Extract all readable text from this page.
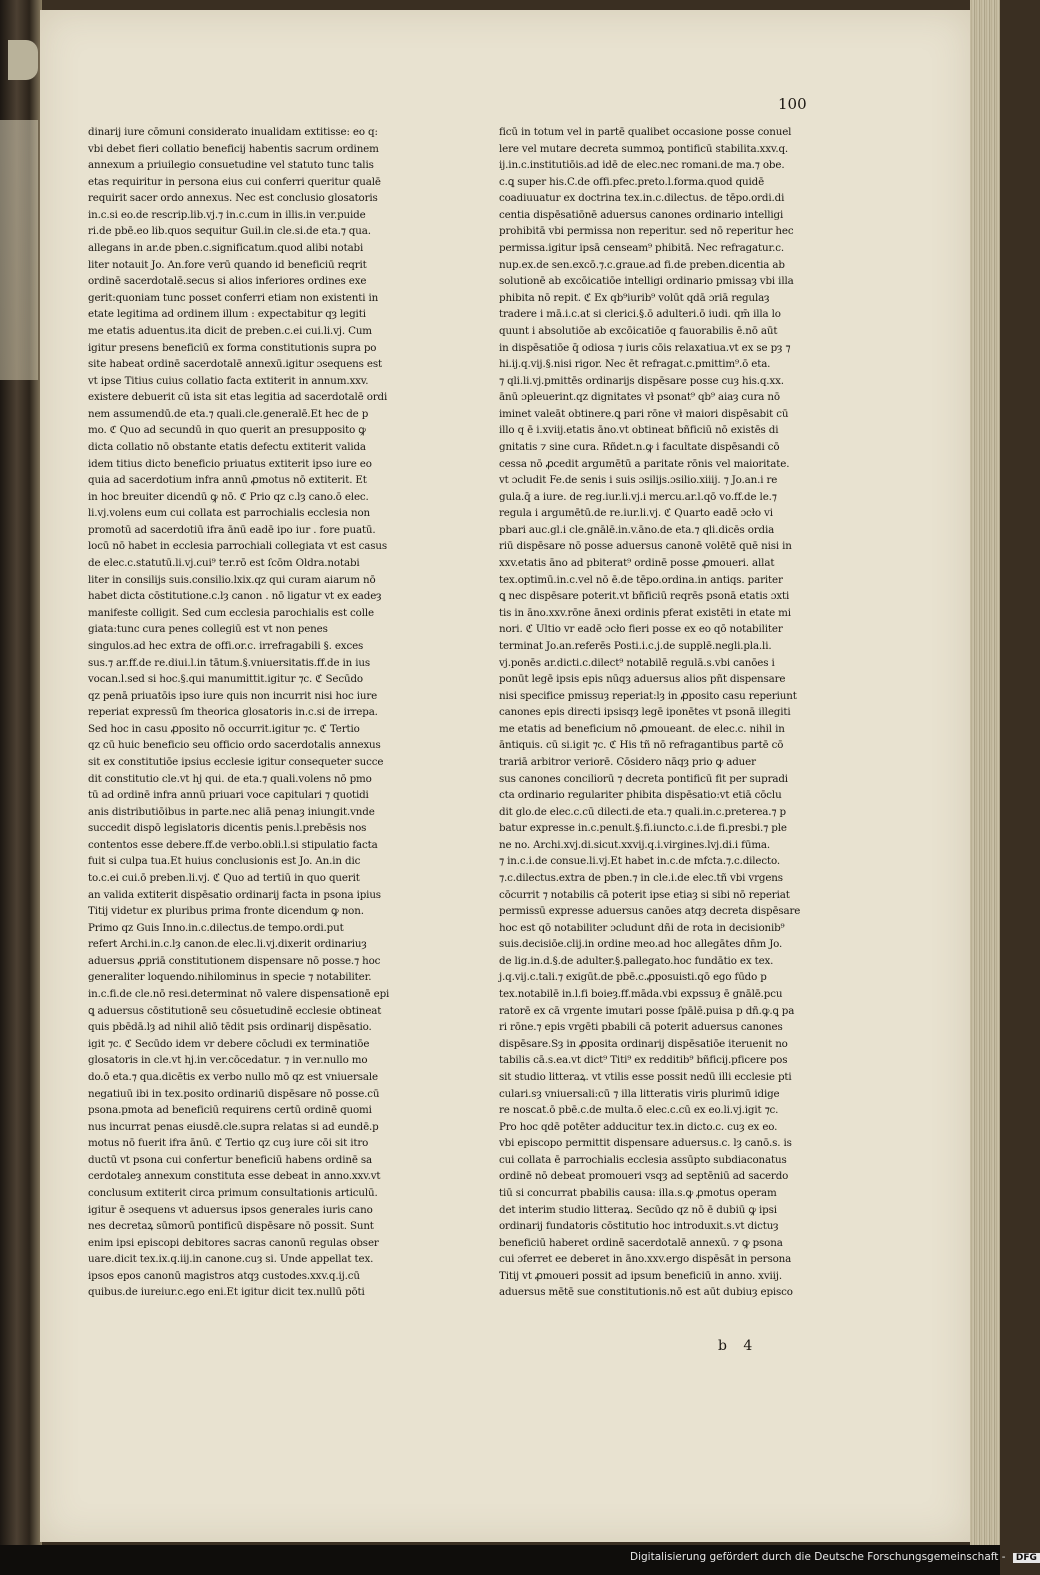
100
dinarij iure cōmuni considerato inualidam extitisse: eo q:
vbi debet fieri collatio beneficij habentis sacrum ordinem
annexum a priuilegio consuetudine vel statuto tunc talis
etas requiritur in persona eius cui conferri queritur qualē
requirit sacer ordo annexus. Nec est conclusio glosatoris
in.c.si eo.de rescrip.lib.vj.⁊ in.c.cum in illis.in ver.puide
ri.de pbē.eo lib.quos sequitur Guil.in cle.si.de eta.⁊ qua.
allegans in ar.de pben.c.significatum.quod alibi notabi
liter notauit Jo. An.fore verū quando id beneficiū reqrit
ordinē sacerdotalē.secus si alios inferiores ordines exe
gerit:quoniam tunc posset conferri etiam non existenti in
etate legitima ad ordinem illum : expectabitur qȝ legiti
me etatis aduentus.ita dicit de preben.c.ei cui.li.vj. Cum
igitur presens beneficiū ex forma constitutionis supra po
site habeat ordinē sacerdotalē annexū.igitur ɔsequens est
vt ipse Titius cuius collatio facta extiterit in annum.xxv.
existere debuerit cū ista sit etas legitia ad sacerdotalē ordi
nem assumendū.de eta.⁊ quali.cle.generalē.Et hec de p
mo. ℭ Quo ad secundū in quo querit an presupposito ꝙ
dicta collatio nō obstante etatis defectu extiterit valida
idem titius dicto beneficio priuatus extiterit ipso iure eo
quia ad sacerdotium infra annū ꝓmotus nō extiterit. Et
in hoc breuiter dicendū ꝙ nō. ℭ Prio qz c.lȝ cano.ō elec.
li.vj.volens eum cui collata est parrochialis ecclesia non
promotū ad sacerdotiū ifra ānū eadē ipo iur . fore puatū.
locū nō habet in ecclesia parrochiali collegiata vt est casus
de elec.c.statutū.li.vj.cui⁹ ter.rō est ſcōm Oldra.notabi
liter in consilijs suis.consilio.lxix.qz qui curam aiarum nō
habet dicta cōstitutione.c.lȝ canon . nō ligatur vt ex eadeȝ
manifeste colligit. Sed cum ecclesia parochialis est colle
giata:tunc cura penes collegiū est vt non penes
singulos.ad hec extra de offi.or.c. irrefragabili §. exces
sus.⁊ ar.ff.de re.diui.l.in tātum.§.vniuersitatis.ff.de in ius
vocan.l.sed si hoc.§.qui manumittit.igitur ⁊c. ℭ Secūdo
qz penā priuatōis ipso iure quis non incurrit nisi hoc iure
reperiat expressū ſm theorica glosatoris in.c.si de irrepa.
Sed hoc in casu ꝓposito nō occurrit.igitur ⁊c. ℭ Tertio
qz cū huic beneficio seu officio ordo sacerdotalis annexus
sit ex constitutiōe ipsius ecclesie igitur consequeter succe
dit constitutio cle.vt hj qui. de eta.⁊ quali.volens nō pmo
tū ad ordinē infra annū priuari voce capitulari ⁊ quotidi
anis distributiōibus in parte.nec aliā penaȝ iniungit.vnde
succedit dispō legislatoris dicentis penis.l.prebēsis nos
contentos esse debere.ff.de verbo.obli.l.si stipulatio facta
fuit si culpa tua.Et huius conclusionis est Jo. An.in dic
to.c.ei cui.ō preben.li.vj. ℭ Quo ad tertiū in quo querit
an valida extiterit dispēsatio ordinarij facta in psona ipius
Titij videtur ex pluribus prima fronte dicendum ꝙ non.
Primo qz Guis Inno.in.c.dilectus.de tempo.ordi.put
refert Archi.in.c.lȝ canon.de elec.li.vj.dixerit ordinariuȝ
aduersus ꝓpriā constitutionem dispensare nō posse.⁊ hoc
generaliter loquendo.nihilominus in specie ⁊ notabiliter.
in.c.fi.de cle.nō resi.determinat nō valere dispensationē epi
ꝗ aduersus cōstitutionē seu cōsuetudinē ecclesie obtineat
quis pbēdā.lȝ ad nihil aliō tēdit psis ordinarij dispēsatio.
igit ⁊c. ℭ Secūdo idem vr debere cōcludi ex terminatiōe
glosatoris in cle.vt hj.in ver.cōcedatur. ⁊ in ver.nullo mo
do.ō eta.⁊ qua.dicētis ex verbo nullo mō qz est vniuersale
negatiuū ibi in tex.posito ordinariū dispēsare nō posse.cū
psona.pmota ad beneficiū requirens certū ordinē quomi
nus incurrat penas eiusdē.cle.supra relatas si ad eundē.p
motus nō fuerit ifra ānū. ℭ Tertio qz cuȝ iure cōi sit itro
ductū vt psona cui confertur beneficiū habens ordinē sa
cerdotaleȝ annexum constituta esse debeat in anno.xxv.vt
conclusum extiterit circa primum consultationis articulū.
igitur ē ɔsequens vt aduersus ipsos generales iuris cano
nes decretaꝝ sūmorū pontificū dispēsare nō possit. Sunt
enim ipsi episcopi debitores sacras canonū regulas obser
uare.dicit tex.ix.q.iij.in canone.cuȝ si. Unde appellat tex.
ipsos epos canonū magistros atqȝ custodes.xxv.q.ij.cū
quibus.de iureiur.c.ego eni.Et igitur dicit tex.nullū pōti
ficū in totum vel in partē qualibet occasione posse conuel
lere vel mutare decreta summoꝝ pontificū stabilita.xxv.q.
ij.in.c.institutiōis.ad idē de elec.nec romani.de ma.⁊ obe.
c.ꝗ super his.C.de offi.pfec.preto.l.forma.quod quidē
coadiuuatur ex doctrina tex.in.c.dilectus. de tēpo.ordi.di
centia dispēsatiōnē aduersus canones ordinario intelligi
prohibitā vbi permissa non reperitur. sed nō reperitur hec
permissa.igitur ipsā censeam⁹ phibitā. Nec refragatur.c.
nup.ex.de sen.excō.⁊.c.graue.ad fi.de preben.dicentia ab
solutionē ab excōicatiōe intelligi ordinario pmissaȝ vbi illa
phibita nō repit. ℭ Ex qb⁹iurib⁹ volūt qdā ɔriā regulaȝ
tradere i mā.i.c.at si clerici.§.ō adulteri.ō iudi. qm̄ illa lo
quunt i absolutiōe ab excōicatiōe q fauorabilis ē.nō aūt
in dispēsatiōe q̄ odiosa ⁊ iuris cōis relaxatiua.vt ex se pȝ ⁊
hi.ij.q.vij.§.nisi rigor. Nec ēt refragat.c.pmittim⁹.ō eta.
⁊ qli.li.vj.pmittēs ordinarijs dispēsare posse cuȝ his.q.xx.
ānū ɔpleuerint.qz dignitates vł psonat⁹ qb⁹ aiaȝ cura nō
iminet valeāt obtinere.ꝗ pari rōne vł maiori dispēsabit cū
illo q ē i.xviij.etatis āno.vt obtineat bñficiū nō existēs di
gnitatis ⁊ sine cura. Rñdet.n.ꝙ i facultate dispēsandi cō
cessa nō ꝓcedit argumētū a paritate rōnis vel maioritate.
vt ɔcludit Fe.de senis i suis ɔsilijs.ɔsilio.xiiij. ⁊ Jo.an.i re
gula.q̄ a iure. de reg.iur.li.vj.i mercu.ar.l.qō vo.ff.de le.⁊
regula i argumētū.de re.iur.li.vj. ℭ Quarto eadē ɔcło vi
pbari auc.gl.i cle.gnālē.in.v.āno.de eta.⁊ qli.dicēs ordia
riū dispēsare nō posse aduersus canonē volētē quē nisi in
xxv.etatis āno ad pbiterat⁹ ordinē posse ꝓmoueri. allat
tex.optimū.in.c.vel nō ē.de tēpo.ordina.in antiqs. pariter
ꝗ nec dispēsare poterit.vt bñficiū reqrēs psonā etatis ɔxti
tis in āno.xxv.rōne ānexi ordinis pferat existēti in etate mi
nori. ℭ Ultio vr eadē ɔcło fieri posse ex eo qō notabiliter
terminat Jo.an.referēs Posti.i.c.j.de supplē.negli.pla.li.
vj.ponēs ar.dicti.c.dilect⁹ notabilē regulā.s.vbi canōes i
ponūt legē ipsis epis nūqȝ aduersus alios pñt dispensare
nisi specifice pmissuȝ reperiat:lȝ in ꝓposito casu reperiunt
canones epis directi ipsisqȝ legē iponētes vt psonā illegiti
me etatis ad beneficium nō ꝓmoueant. de elec.c. nihil in
āntiquis. cū si.igit ⁊c. ℭ His tñ nō refragantibus partē cō
trariā arbitror veriorē. Cōsidero nāqȝ prio ꝙ aduer
sus canones conciliorū ⁊ decreta pontificū fit per supradi
cta ordinario regulariter phibita dispēsatio:vt etiā cōclu
dit glo.de elec.c.cū dilecti.de eta.⁊ quali.in.c.preterea.⁊ p
batur expresse in.c.penult.§.fi.iuncto.c.i.de fi.presbi.⁊ ple
ne no. Archi.xvj.di.sicut.xxvij.q.i.virgines.lvj.di.i fūma.
⁊ in.c.i.de consue.li.vj.Et habet in.c.de mfcta.⁊.c.dilecto.
⁊.c.dilectus.extra de pben.⁊ in cle.i.de elec.tñ vbi vrgens
cōcurrit ⁊ notabilis cā poterit ipse etiaȝ si sibi nō reperiat
permissū expresse aduersus canōes atqȝ decreta dispēsare
hoc est qō notabiliter ɔcludunt dñi de rota in decisionib⁹
suis.decisiōe.clij.in ordine meo.ad hoc allegātes dn̄m Jo.
de lig.in.d.§.de adulter.§.pallegato.hoc fundātio ex tex.
j.q.vij.c.tali.⁊ exigūt.de pbē.c.ꝓposuisti.qō ego fūdo p
tex.notabilē in.l.fi boieȝ.ff.māda.vbi expssuȝ ē gnālē.pcu
ratorē ex cā vrgente imutari posse ſpālē.puisa p dñ.ꝙ.ꝗ pa
ri rōne.⁊ epis vrgēti pbabili cā poterit aduersus canones
dispēsare.Sȝ in ꝓposita ordinarij dispēsatiōe iteruenit no
tabilis cā.s.ea.vt dict⁹ Titi⁹ ex redditib⁹ bñficij.pficere pos
sit studio litteraꝝ. vt vtilis esse possit nedū illi ecclesie pti
culari.sȝ vniuersali:cū ⁊ illa litteratis viris plurimū idige
re noscat.ō pbē.c.de multa.ō elec.c.cū ex eo.li.vj.igit ⁊c.
Pro hoc qdē potēter adducitur tex.in dicto.c. cuȝ ex eo.
vbi episcopo permittit dispensare aduersus.c. lȝ canō.s. is
cui collata ē parrochialis ecclesia assūpto subdiaconatus
ordinē nō debeat promoueri vsqȝ ad septēniū ad sacerdo
tiū si concurrat pbabilis causa: illa.s.ꝙ ꝓmotus operam
det interim studio litteraꝝ. Secūdo qz nō ē dubiū ꝙ ipsi
ordinarij fundatoris cōstitutio hoc introduxit.s.vt dictuȝ
beneficiū haberet ordinē sacerdotalē annexū. ⁊ ꝙ psona
cui ɔferret ee deberet in āno.xxv.ergo dispēsāt in persona
Titij vt ꝓmoueri possit ad ipsum beneficiū in anno. xviij.
aduersus mētē sue constitutionis.nō est aūt dubiuȝ episco
b 4
Digitalisierung gefördert durch die Deutsche Forschungsgemeinschaft - DFG
